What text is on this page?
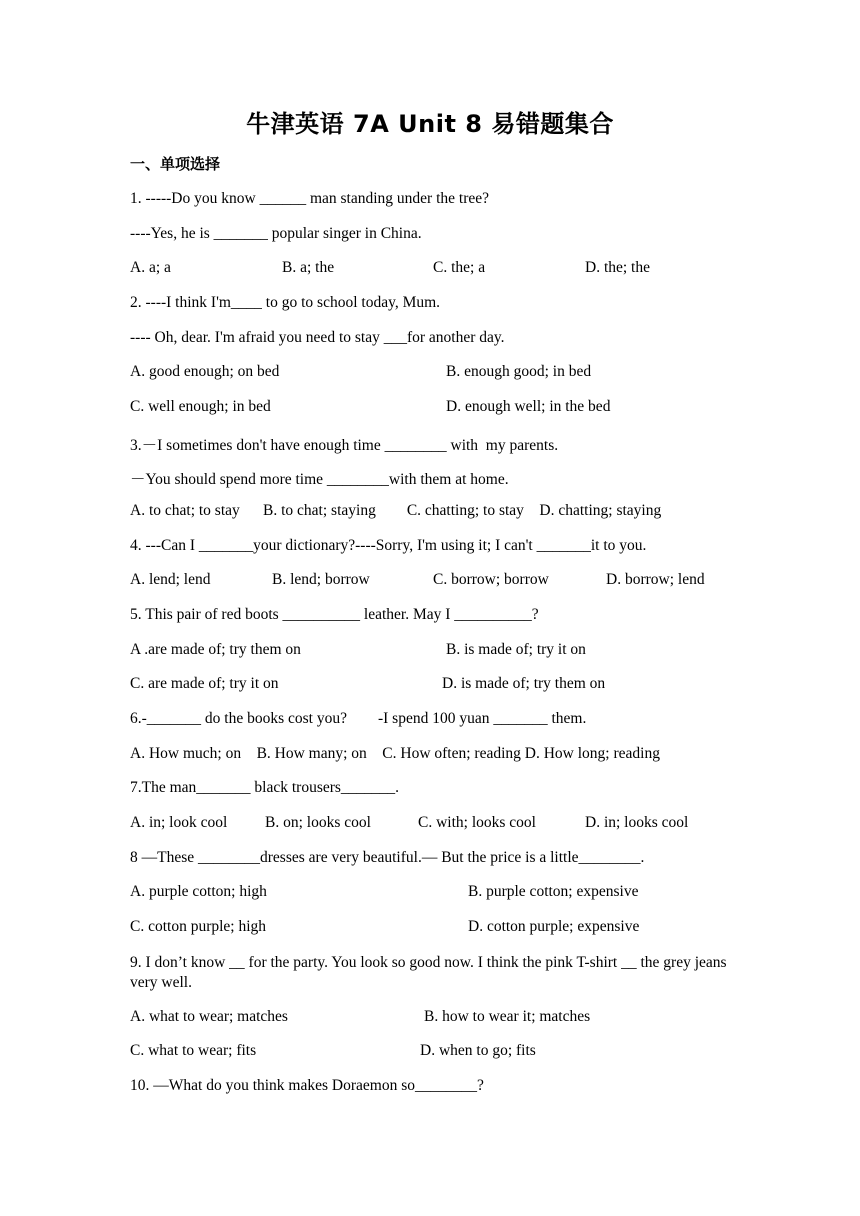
牛津英语 7A Unit 8 易错题集合
一、单项选择
1. -----Do you know ______ man standing under the tree?
----Yes, he is _______ popular singer in China.
A. a; a	B. a; the	C. the; a	D. the; the
2. ----I think I'm____ to go to school today, Mum.
---- Oh, dear. I'm afraid you need to stay ___for another day.
A. good enough; on bed	B. enough good; in bed
C. well enough; in bed	D. enough well; in the bed
3.－I sometimes don't have enough time ________ with  my parents.
－You should spend more time ________with them at home.
A. to chat; to stay      B. to chat; staying        C. chatting; to stay    D. chatting; staying
4. ---Can I _______your dictionary?----Sorry, I'm using it; I can't _______it to you.
A. lend; lend	B. lend; borrow	C. borrow; borrow	D. borrow; lend
5. This pair of red boots __________ leather. May I __________?
A .are made of; try them on	B. is made of; try it on
C. are made of; try it on	D. is made of; try them on
6.-_______ do the books cost you?        -I spend 100 yuan _______ them.
A. How much; on    B. How many; on    C. How often; reading D. How long; reading
7.The man_______ black trousers_______.
A. in; look cool B. on; looks cool	C. with; looks cool	D. in; looks cool
8 —These ________dresses are very beautiful.— But the price is a little________.
A. purple cotton; high	B. purple cotton; expensive
C. cotton purple; high	D. cotton purple; expensive
9. I don’t know __ for the party. You look so good now. I think the pink T-shirt __ the grey jeans very well.
A. what to wear; matches	B. how to wear it; matches
C. what to wear; fits	D. when to go; fits
10. —What do you think makes Doraemon so________?
